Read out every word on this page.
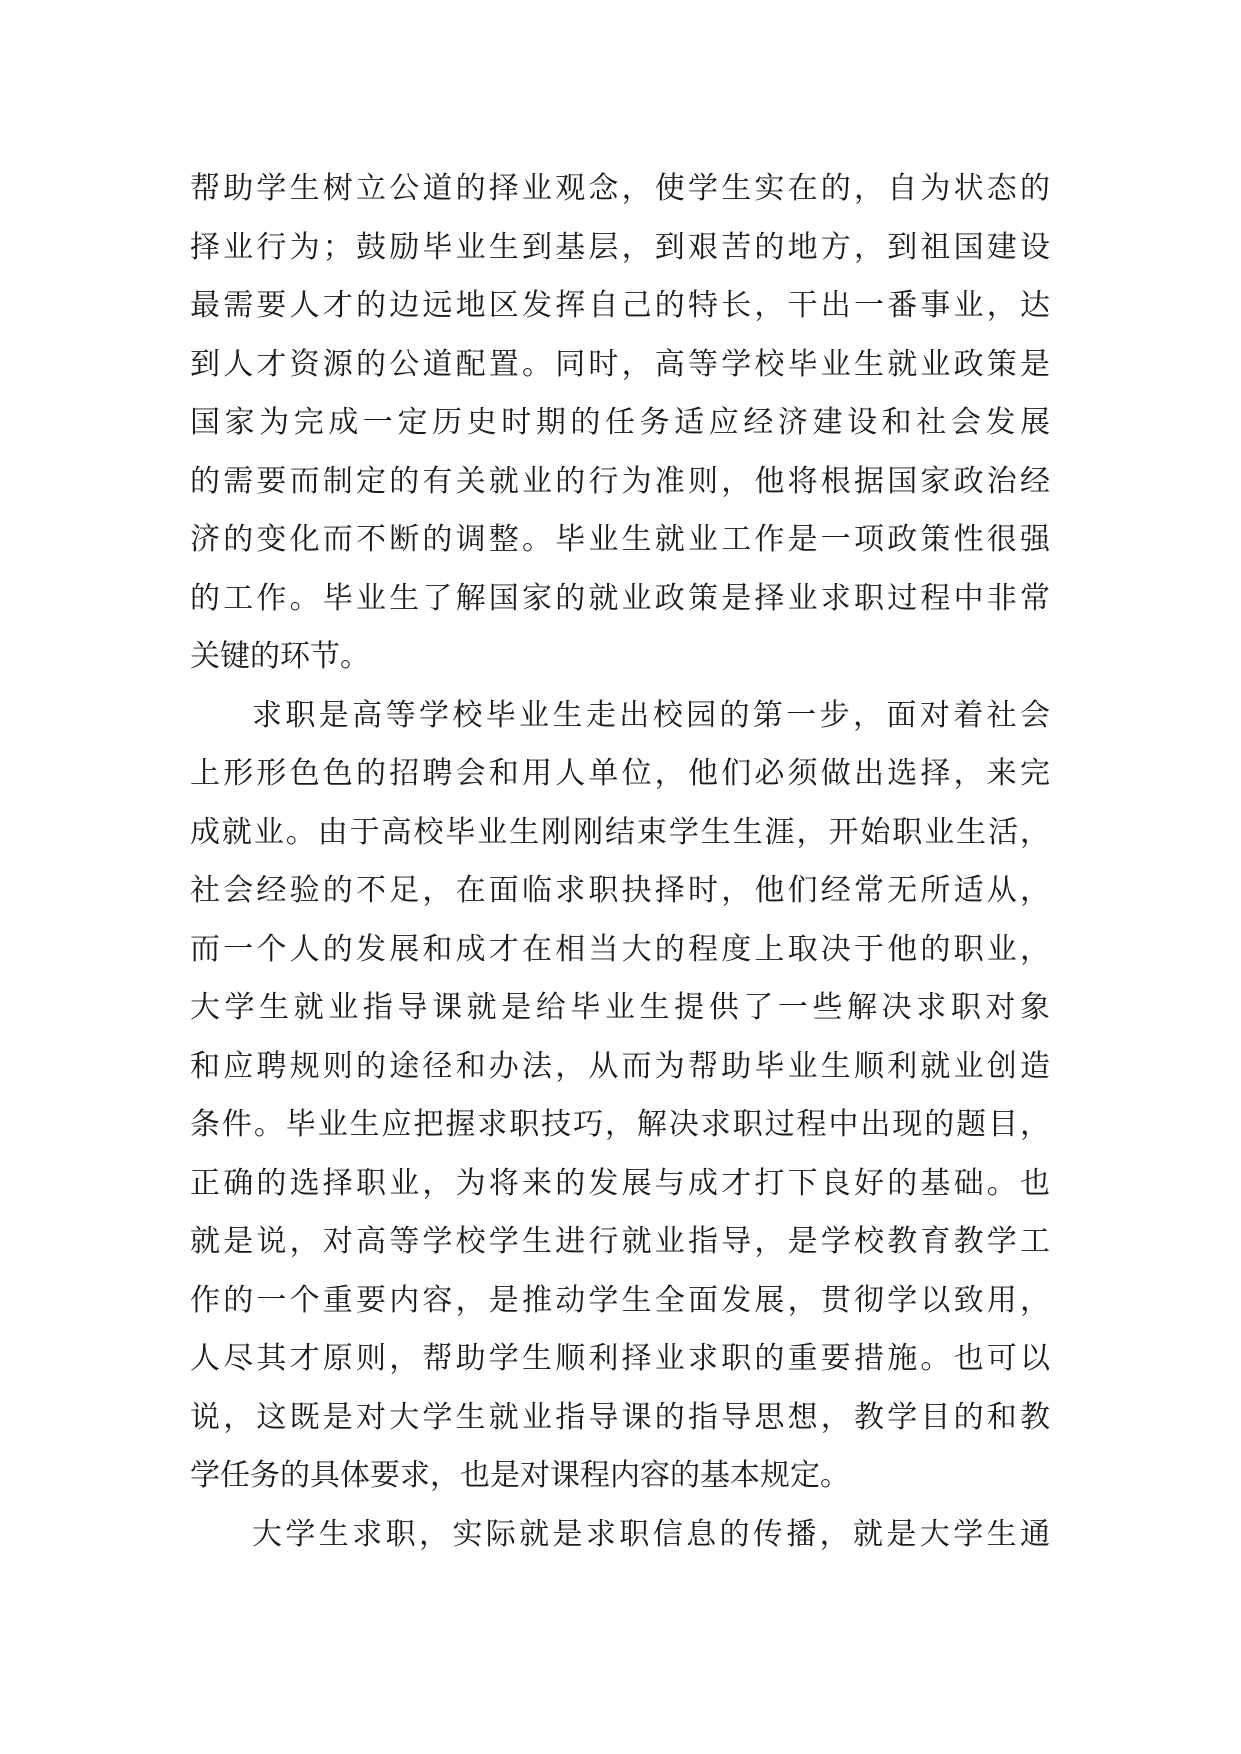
帮助学生树立公道的择业观念，使学生实在的，自为状态的
择业行为；鼓励毕业生到基层，到艰苦的地方，到祖国建设
最需要人才的边远地区发挥自己的特长，干出一番事业，达
到人才资源的公道配置。同时，高等学校毕业生就业政策是
国家为完成一定历史时期的任务适应经济建设和社会发展
的需要而制定的有关就业的行为准则，他将根据国家政治经
济的变化而不断的调整。毕业生就业工作是一项政策性很强
的工作。毕业生了解国家的就业政策是择业求职过程中非常
关键的环节。
求职是高等学校毕业生走出校园的第一步，面对着社会
上形形色色的招聘会和用人单位，他们必须做出选择，来完
成就业。由于高校毕业生刚刚结束学生生涯，开始职业生活，
社会经验的不足，在面临求职抉择时，他们经常无所适从，
而一个人的发展和成才在相当大的程度上取决于他的职业，
大学生就业指导课就是给毕业生提供了一些解决求职对象
和应聘规则的途径和办法，从而为帮助毕业生顺利就业创造
条件。毕业生应把握求职技巧，解决求职过程中出现的题目，
正确的选择职业，为将来的发展与成才打下良好的基础。也
就是说，对高等学校学生进行就业指导，是学校教育教学工
作的一个重要内容，是推动学生全面发展，贯彻学以致用，
人尽其才原则，帮助学生顺利择业求职的重要措施。也可以
说，这既是对大学生就业指导课的指导思想，教学目的和教
学任务的具体要求，也是对课程内容的基本规定。
大学生求职，实际就是求职信息的传播，就是大学生通
